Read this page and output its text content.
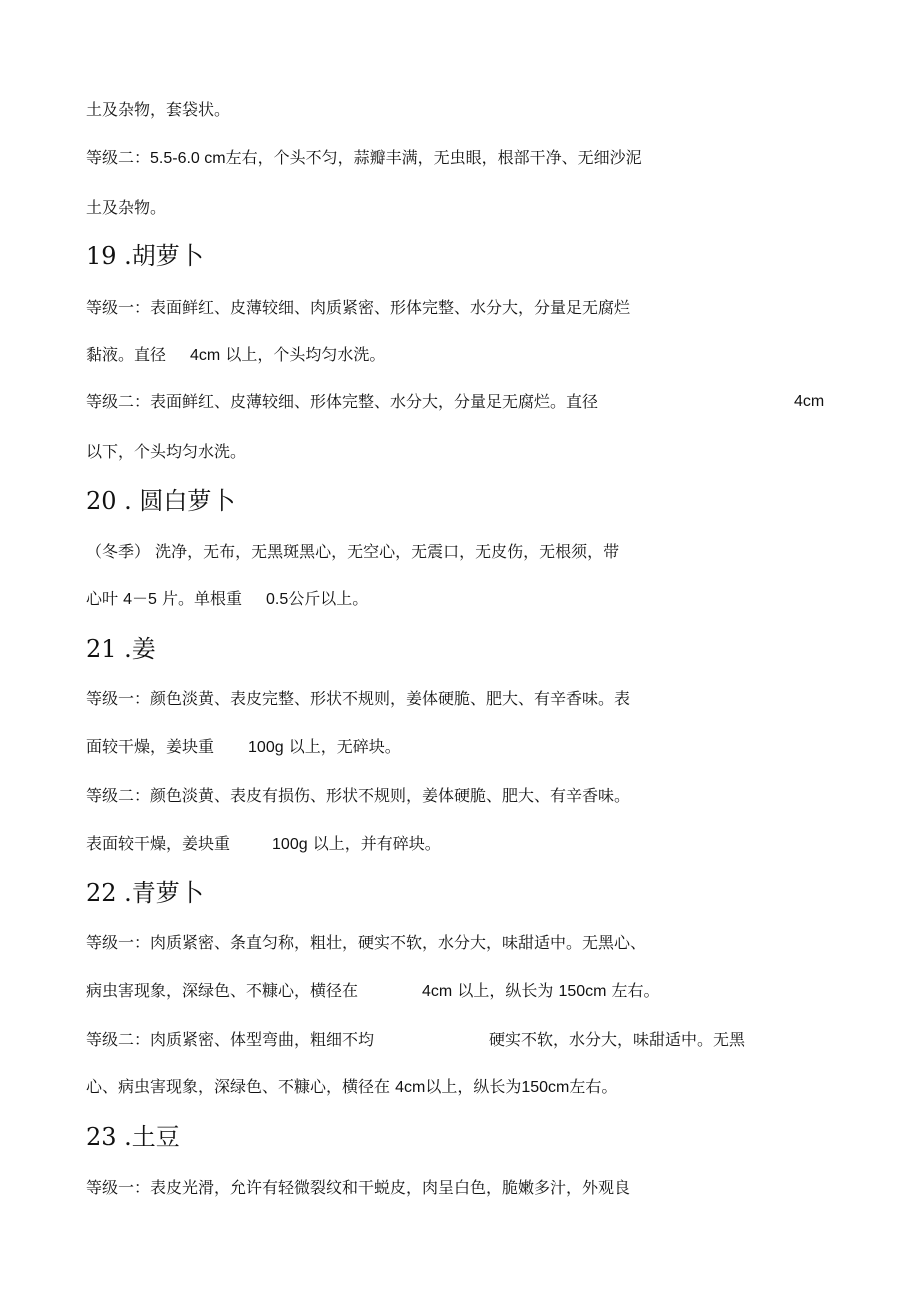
土及杂物，套袋状。
等级二：5.5-6.0 cm左右，个头不匀，蒜瓣丰满，无虫眼，根部干净、无细沙泥
土及杂物。
19 .胡萝卜
等级一：表面鲜红、皮薄较细、肉质紧密、形体完整、水分大，分量足无腐烂
黏液。直径 4cm 以上，个头均匀水洗。
等级二：表面鲜红、皮薄较细、形体完整、水分大，分量足无腐烂。直径	4cm
以下，个头均匀水洗。
20 . 圆白萝卜
（冬季） 洗净，无布，无黑斑黑心，无空心，无震口，无皮伤，无根须，带
心叶 4－5 片。单根重 0.5公斤以上。
21 .姜
等级一：颜色淡黄、表皮完整、形状不规则，姜体硬脆、肥大、有辛香味。表
面较干燥，姜块重 100g 以上，无碎块。
等级二：颜色淡黄、表皮有损伤、形状不规则，姜体硬脆、肥大、有辛香味。
表面较干燥，姜块重	100g 以上，并有碎块。
22 .青萝卜
等级一：肉质紧密、条直匀称，粗壮，硬实不软，水分大，味甜适中。无黑心、
病虫害现象，深绿色、不糠心，横径在	4cm 以上，纵长为 150cm 左右。
等级二：肉质紧密、体型弯曲，粗细不均	硬实不软，水分大，味甜适中。无黑
心、病虫害现象，深绿色、不糠心，横径在 4cm以上，纵长为150cm左右。
23 .土豆
等级一：表皮光滑，允许有轻微裂纹和干蜕皮，肉呈白色，脆嫩多汁，外观良
